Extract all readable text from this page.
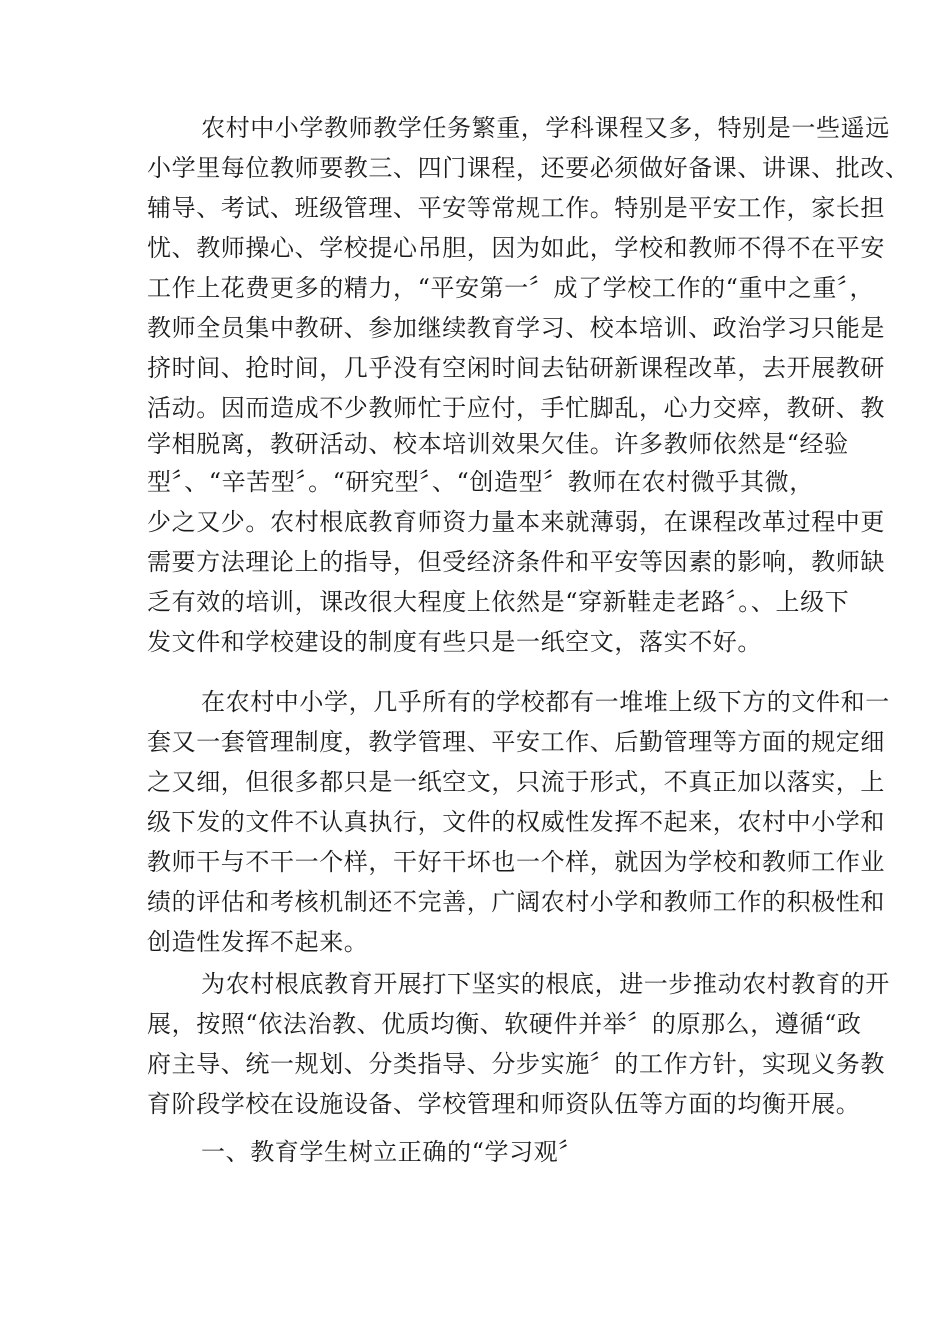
农村中小学教师教学任务繁重，学科课程又多，特别是一些遥远
小学里每位教师要教三、四门课程，还要必须做好备课、讲课、批改、
辅导、考试、班级管理、平安等常规工作。特别是平安工作，家长担
忧、教师操心、学校提心吊胆，因为如此，学校和教师不得不在平安
工作上花费更多的精力，“平安第一〞成了学校工作的“重中之重〞，
教师全员集中教研、参加继续教育学习、校本培训、政治学习只能是
挤时间、抢时间，几乎没有空闲时间去钻研新课程改革，去开展教研
活动。因而造成不少教师忙于应付，手忙脚乱，心力交瘁，教研、教
学相脱离，教研活动、校本培训效果欠佳。许多教师依然是“经验
型〞、“辛苦型〞。“研究型〞、“创造型〞教师在农村微乎其微，
少之又少。农村根底教育师资力量本来就薄弱，在课程改革过程中更
需要方法理论上的指导，但受经济条件和平安等因素的影响，教师缺
乏有效的培训，课改很大程度上依然是“穿新鞋走老路〞。、上级下
发文件和学校建设的制度有些只是一纸空文，落实不好。
在农村中小学，几乎所有的学校都有一堆堆上级下方的文件和一
套又一套管理制度，教学管理、平安工作、后勤管理等方面的规定细
之又细，但很多都只是一纸空文，只流于形式，不真正加以落实，上
级下发的文件不认真执行，文件的权威性发挥不起来，农村中小学和
教师干与不干一个样，干好干坏也一个样，就因为学校和教师工作业
绩的评估和考核机制还不完善，广阔农村小学和教师工作的积极性和
创造性发挥不起来。
为农村根底教育开展打下坚实的根底，进一步推动农村教育的开
展，按照“依法治教、优质均衡、软硬件并举〞的原那么，遵循“政
府主导、统一规划、分类指导、分步实施〞的工作方针，实现义务教
育阶段学校在设施设备、学校管理和师资队伍等方面的均衡开展。
一、教育学生树立正确的“学习观〞
